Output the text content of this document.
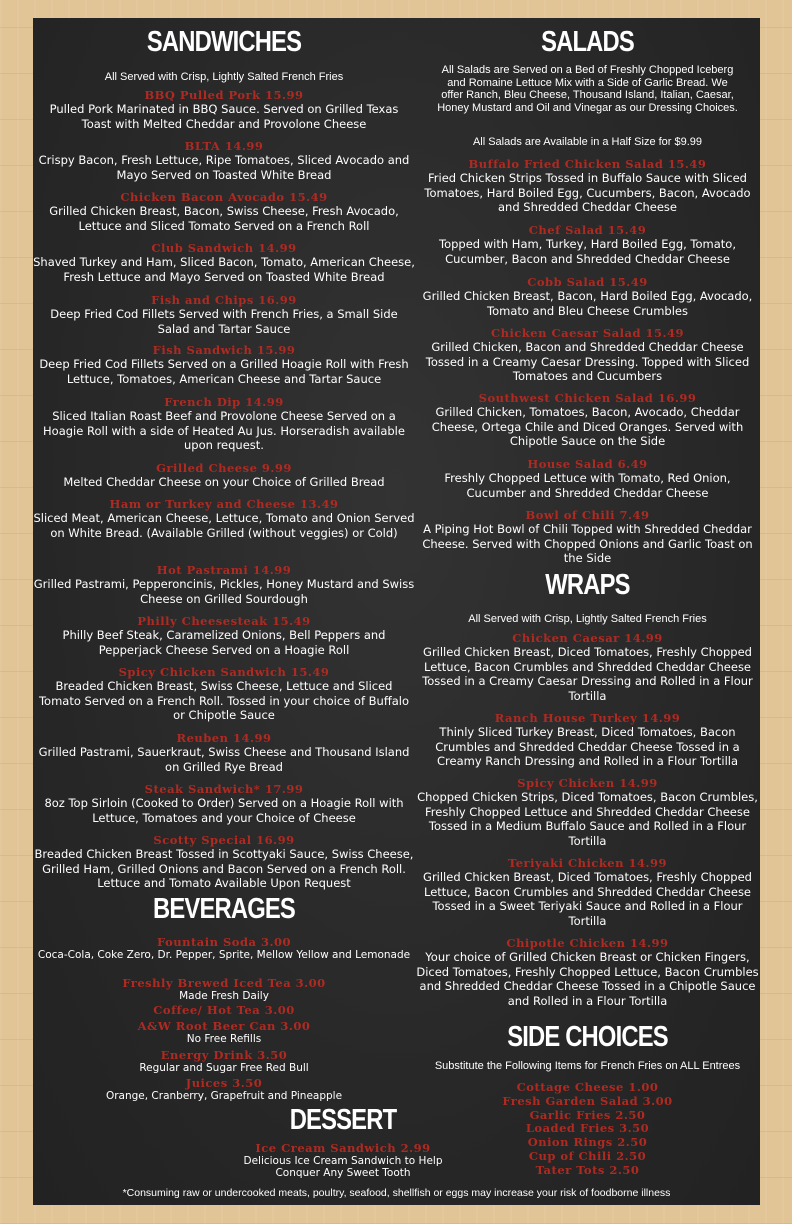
SANDWICHES
All Served with Crisp, Lightly Salted French Fries
BBQ Pulled Pork 15.99
Pulled Pork Marinated in BBQ Sauce. Served on Grilled Texas Toast with Melted Cheddar and Provolone Cheese
BLTA 14.99
Crispy Bacon, Fresh Lettuce, Ripe Tomatoes, Sliced Avocado and Mayo Served on Toasted White Bread
Chicken Bacon Avocado 15.49
Grilled Chicken Breast, Bacon, Swiss Cheese, Fresh Avocado, Lettuce and Sliced Tomato Served on a French Roll
Club Sandwich 14.99
Shaved Turkey and Ham, Sliced Bacon, Tomato, American Cheese, Fresh Lettuce and Mayo Served on Toasted White Bread
Fish and Chips 16.99
Deep Fried Cod Fillets Served with French Fries, a Small Side Salad and Tartar Sauce
Fish Sandwich 15.99
Deep Fried Cod Fillets Served on a Grilled Hoagie Roll with Fresh Lettuce, Tomatoes, American Cheese and Tartar Sauce
French Dip 14.99
Sliced Italian Roast Beef and Provolone Cheese Served on a Hoagie Roll with a side of Heated Au Jus. Horseradish available upon request.
Grilled Cheese 9.99
Melted Cheddar Cheese on your Choice of Grilled Bread
Ham or Turkey and Cheese 13.49
Sliced Meat, American Cheese, Lettuce, Tomato and Onion Served on White Bread. (Available Grilled (without veggies) or Cold)
Hot Pastrami 14.99
Grilled Pastrami, Pepperoncinis, Pickles, Honey Mustard and Swiss Cheese on Grilled Sourdough
Philly Cheesesteak 15.49
Philly Beef Steak, Caramelized Onions, Bell Peppers and Pepperjack Cheese Served on a Hoagie Roll
Spicy Chicken Sandwich 15.49
Breaded Chicken Breast, Swiss Cheese, Lettuce and Sliced Tomato Served on a French Roll. Tossed in your choice of Buffalo or Chipotle Sauce
Reuben 14.99
Grilled Pastrami, Sauerkraut, Swiss Cheese and Thousand Island on Grilled Rye Bread
Steak Sandwich* 17.99
8oz Top Sirloin (Cooked to Order) Served on a Hoagie Roll with Lettuce, Tomatoes and your Choice of Cheese
Scotty Special 16.99
Breaded Chicken Breast Tossed in Scottyaki Sauce, Swiss Cheese, Grilled Ham, Grilled Onions and Bacon Served on a French Roll. Lettuce and Tomato Available Upon Request
BEVERAGES
Fountain Soda 3.00
Coca-Cola, Coke Zero, Dr. Pepper, Sprite, Mellow Yellow and Lemonade
Freshly Brewed Iced Tea 3.00
Made Fresh Daily
Coffee/ Hot Tea 3.00
A&W Root Beer Can 3.00
No Free Refills
Energy Drink 3.50
Regular and Sugar Free Red Bull
Juices 3.50
Orange, Cranberry, Grapefruit and Pineapple
DESSERT
Ice Cream Sandwich 2.99
Delicious Ice Cream Sandwich to Help Conquer Any Sweet Tooth
SALADS
All Salads are Served on a Bed of Freshly Chopped Iceberg and Romaine Lettuce Mix with a Side of Garlic Bread. We offer Ranch, Bleu Cheese, Thousand Island, Italian, Caesar, Honey Mustard and Oil and Vinegar as our Dressing Choices.
All Salads are Available in a Half Size for $9.99
Buffalo Fried Chicken Salad 15.49
Fried Chicken Strips Tossed in Buffalo Sauce with Sliced Tomatoes, Hard Boiled Egg, Cucumbers, Bacon, Avocado and Shredded Cheddar Cheese
Chef Salad 15.49
Topped with Ham, Turkey, Hard Boiled Egg, Tomato, Cucumber, Bacon and Shredded Cheddar Cheese
Cobb Salad 15.49
Grilled Chicken Breast, Bacon, Hard Boiled Egg, Avocado, Tomato and Bleu Cheese Crumbles
Chicken Caesar Salad 15.49
Grilled Chicken, Bacon and Shredded Cheddar Cheese Tossed in a Creamy Caesar Dressing. Topped with Sliced Tomatoes and Cucumbers
Southwest Chicken Salad 16.99
Grilled Chicken, Tomatoes, Bacon, Avocado, Cheddar Cheese, Ortega Chile and Diced Oranges. Served with Chipotle Sauce on the Side
House Salad 6.49
Freshly Chopped Lettuce with Tomato, Red Onion, Cucumber and Shredded Cheddar Cheese
Bowl of Chili 7.49
A Piping Hot Bowl of Chili Topped with Shredded Cheddar Cheese. Served with Chopped Onions and Garlic Toast on the Side
WRAPS
All Served with Crisp, Lightly Salted French Fries
Chicken Caesar 14.99
Grilled Chicken Breast, Diced Tomatoes, Freshly Chopped Lettuce, Bacon Crumbles and Shredded Cheddar Cheese Tossed in a Creamy Caesar Dressing and Rolled in a Flour Tortilla
Ranch House Turkey 14.99
Thinly Sliced Turkey Breast, Diced Tomatoes, Bacon Crumbles and Shredded Cheddar Cheese Tossed in a Creamy Ranch Dressing and Rolled in a Flour Tortilla
Spicy Chicken 14.99
Chopped Chicken Strips, Diced Tomatoes, Bacon Crumbles, Freshly Chopped Lettuce and Shredded Cheddar Cheese Tossed in a Medium Buffalo Sauce and Rolled in a Flour Tortilla
Teriyaki Chicken 14.99
Grilled Chicken Breast, Diced Tomatoes, Freshly Chopped Lettuce, Bacon Crumbles and Shredded Cheddar Cheese Tossed in a Sweet Teriyaki Sauce and Rolled in a Flour Tortilla
Chipotle Chicken 14.99
Your choice of Grilled Chicken Breast or Chicken Fingers, Diced Tomatoes, Freshly Chopped Lettuce, Bacon Crumbles and Shredded Cheddar Cheese Tossed in a Chipotle Sauce and Rolled in a Flour Tortilla
SIDE CHOICES
Substitute the Following Items for French Fries on ALL Entrees
Cottage Cheese 1.00
Fresh Garden Salad 3.00
Garlic Fries 2.50
Loaded Fries 3.50
Onion Rings 2.50
Cup of Chili 2.50
Tater Tots 2.50
*Consuming raw or undercooked meats, poultry, seafood, shellfish or eggs may increase your risk of foodborne illness
